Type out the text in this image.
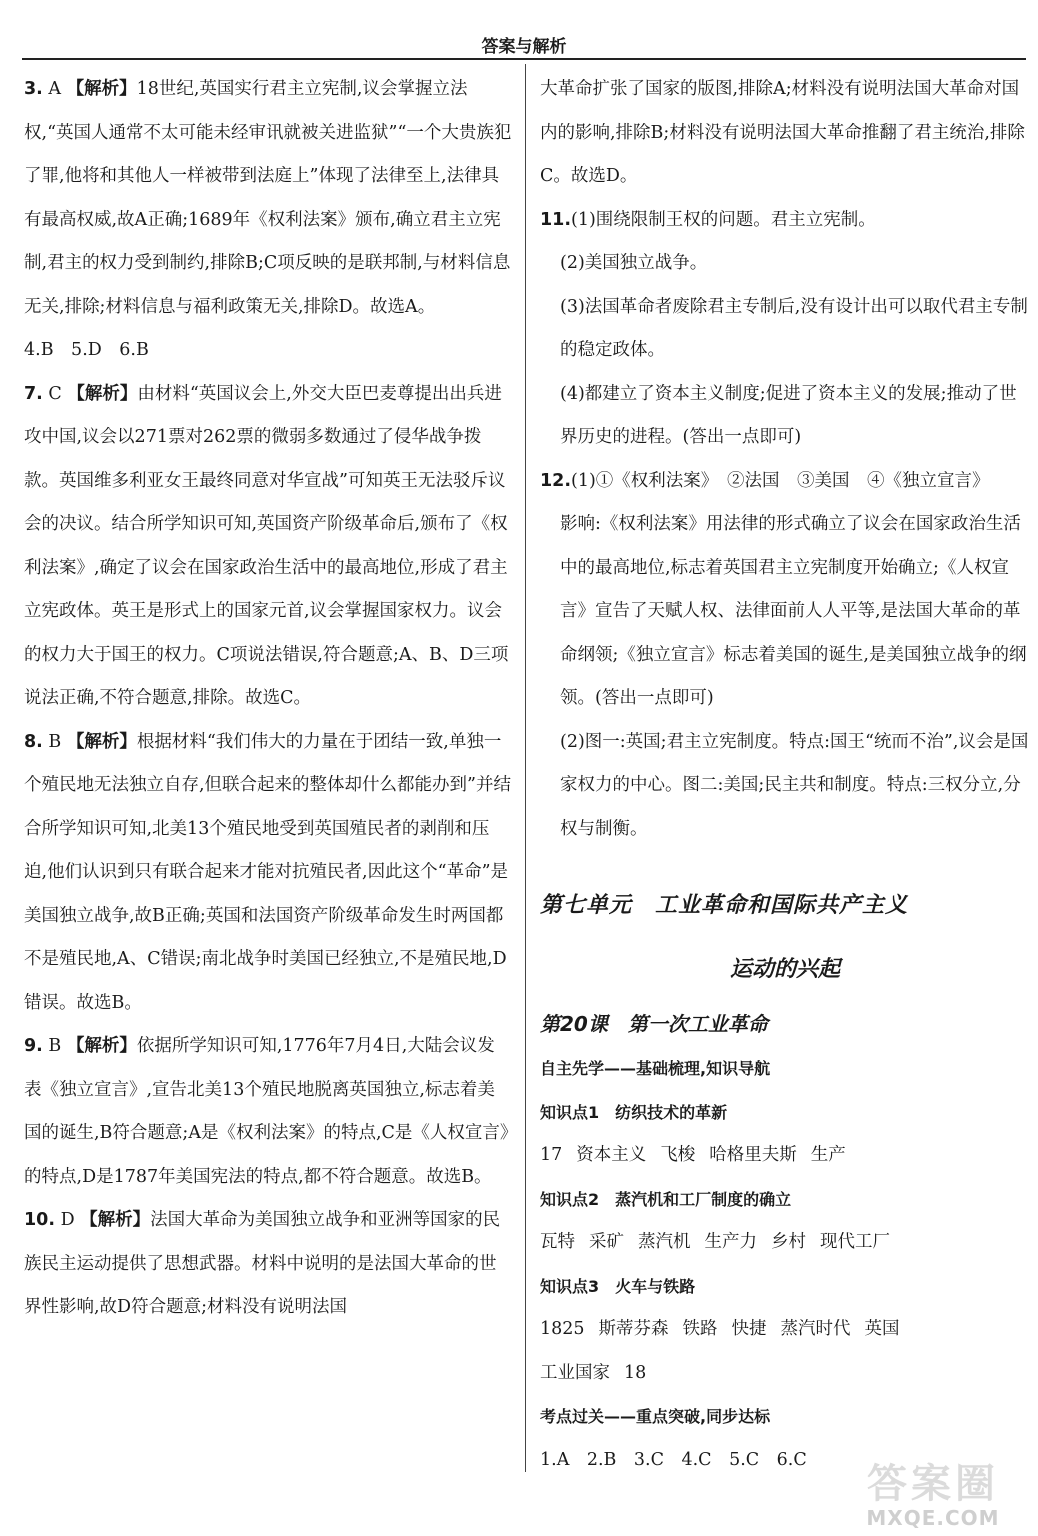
答案与解析

3. A 【解析】18世纪,英国实行君主立宪制,议会掌握立法权,“英国人通常不太可能未经审讯就被关进监狱”“一个大贵族犯了罪,他将和其他人一样被带到法庭上”体现了法律至上,法律具有最高权威,故A正确;1689年《权利法案》颁布,确立君主立宪制,君主的权力受到制约,排除B;C项反映的是联邦制,与材料信息无关,排除;材料信息与福利政策无关,排除D。故选A。

4.B　5.D　6.B

7. C 【解析】由材料“英国议会上,外交大臣巴麦尊提出出兵进攻中国,议会以271票对262票的微弱多数通过了侵华战争拨款。英国维多利亚女王最终同意对华宣战”可知英王无法驳斥议会的决议。结合所学知识可知,英国资产阶级革命后,颁布了《权利法案》,确定了议会在国家政治生活中的最高地位,形成了君主立宪政体。英王是形式上的国家元首,议会掌握国家权力。议会的权力大于国王的权力。C项说法错误,符合题意;A、B、D三项说法正确,不符合题意,排除。故选C。

8. B 【解析】根据材料“我们伟大的力量在于团结一致,单独一个殖民地无法独立自存,但联合起来的整体却什么都能办到”并结合所学知识可知,北美13个殖民地受到英国殖民者的剥削和压迫,他们认识到只有联合起来才能对抗殖民者,因此这个“革命”是美国独立战争,故B正确;英国和法国资产阶级革命发生时两国都不是殖民地,A、C错误;南北战争时美国已经独立,不是殖民地,D错误。故选B。

9. B 【解析】依据所学知识可知,1776年7月4日,大陆会议发表《独立宣言》,宣告北美13个殖民地脱离英国独立,标志着美国的诞生,B符合题意;A是《权利法案》的特点,C是《人权宣言》的特点,D是1787年美国宪法的特点,都不符合题意。故选B。

10. D 【解析】法国大革命为美国独立战争和亚洲等国家的民族民主运动提供了思想武器。材料中说明的是法国大革命的世界性影响,故D符合题意;材料没有说明法国

大革命扩张了国家的版图,排除A;材料没有说明法国大革命对国内的影响,排除B;材料没有说明法国大革命推翻了君主统治,排除C。故选D。

11.(1)围绕限制王权的问题。君主立宪制。

(2)美国独立战争。

(3)法国革命者废除君主专制后,没有设计出可以取代君主专制的稳定政体。

(4)都建立了资本主义制度;促进了资本主义的发展;推动了世界历史的进程。(答出一点即可)

12.(1)①《权利法案》　②法国　③美国　④《独立宣言》

影响:《权利法案》用法律的形式确立了议会在国家政治生活中的最高地位,标志着英国君主立宪制度开始确立;《人权宣言》宣告了天赋人权、法律面前人人平等,是法国大革命的革命纲领;《独立宣言》标志着美国的诞生,是美国独立战争的纲领。(答出一点即可)

(2)图一:英国;君主立宪制度。特点:国王“统而不治”,议会是国家权力的中心。图二:美国;民主共和制度。特点:三权分立,分权与制衡。

第七单元　工业革命和国际共产主义
运动的兴起
第20课　第一次工业革命
自主先学——基础梳理,知识导航
知识点1　纺织技术的革新
17 资本主义 飞梭 哈格里夫斯 生产
知识点2　蒸汽机和工厂制度的确立
瓦特 采矿 蒸汽机 生产力 乡村 现代工厂
知识点3　火车与铁路
1825 斯蒂芬森 铁路 快捷 蒸汽时代 英国
工业国家 18
考点过关——重点突破,同步达标
1.A　2.B　3.C　4.C　5.C　6.C
答案圈
MXQE.COM
